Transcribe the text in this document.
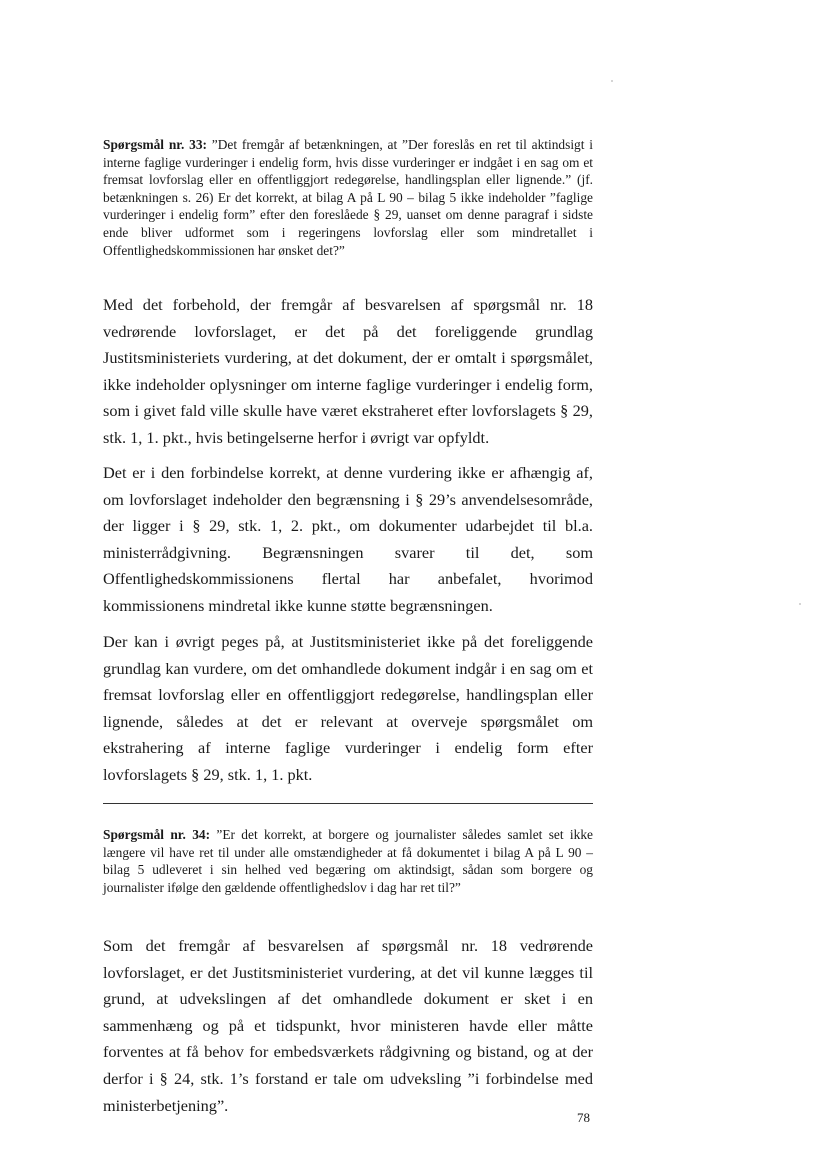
Spørgsmål nr. 33: ”Det fremgår af betænkningen, at ”Der foreslås en ret til aktindsigt i interne faglige vurderinger i endelig form, hvis disse vurderinger er indgået i en sag om et fremsat lovforslag eller en offentliggjort redegørelse, handlingsplan eller lignende.” (jf. betænkningen s. 26) Er det korrekt, at bilag A på L 90 – bilag 5 ikke indeholder ”faglige vurderinger i endelig form” efter den foreslåede § 29, uanset om denne paragraf i sidste ende bliver udformet som i regeringens lovforslag eller som mindretallet i Offentlighedskommissionen har ønsket det?”

Med det forbehold, der fremgår af besvarelsen af spørgsmål nr. 18 vedrørende lovforslaget, er det på det foreliggende grundlag Justitsministeriets vurdering, at det dokument, der er omtalt i spørgsmålet, ikke indeholder oplysninger om interne faglige vurderinger i endelig form, som i givet fald ville skulle have været ekstraheret efter lovforslagets § 29, stk. 1, 1. pkt., hvis betingelserne herfor i øvrigt var opfyldt.
Det er i den forbindelse korrekt, at denne vurdering ikke er afhængig af, om lovforslaget indeholder den begrænsning i § 29’s anvendelsesområde, der ligger i § 29, stk. 1, 2. pkt., om dokumenter udarbejdet til bl.a. ministerrådgivning. Begrænsningen svarer til det, som Offentlighedskommissionens flertal har anbefalet, hvorimod kommissionens mindretal ikke kunne støtte begrænsningen.
Der kan i øvrigt peges på, at Justitsministeriet ikke på det foreliggende grundlag kan vurdere, om det omhandlede dokument indgår i en sag om et fremsat lovforslag eller en offentliggjort redegørelse, handlingsplan eller lignende, således at det er relevant at overveje spørgsmålet om ekstrahering af interne faglige vurderinger i endelig form efter lovforslagets § 29, stk. 1, 1. pkt.

Spørgsmål nr. 34: ”Er det korrekt, at borgere og journalister således samlet set ikke længere vil have ret til under alle omstændigheder at få dokumentet i bilag A på L 90 – bilag 5 udleveret i sin helhed ved begæring om aktindsigt, sådan som borgere og journalister ifølge den gældende offentlighedslov i dag har ret til?”

Som det fremgår af besvarelsen af spørgsmål nr. 18 vedrørende lovforslaget, er det Justitsministeriet vurdering, at det vil kunne lægges til grund, at udvekslingen af det omhandlede dokument er sket i en sammenhæng og på et tidspunkt, hvor ministeren havde eller måtte forventes at få behov for embedsværkets rådgivning og bistand, og at der derfor i § 24, stk. 1’s forstand er tale om udveksling ”i forbindelse med ministerbetjening”.
78
